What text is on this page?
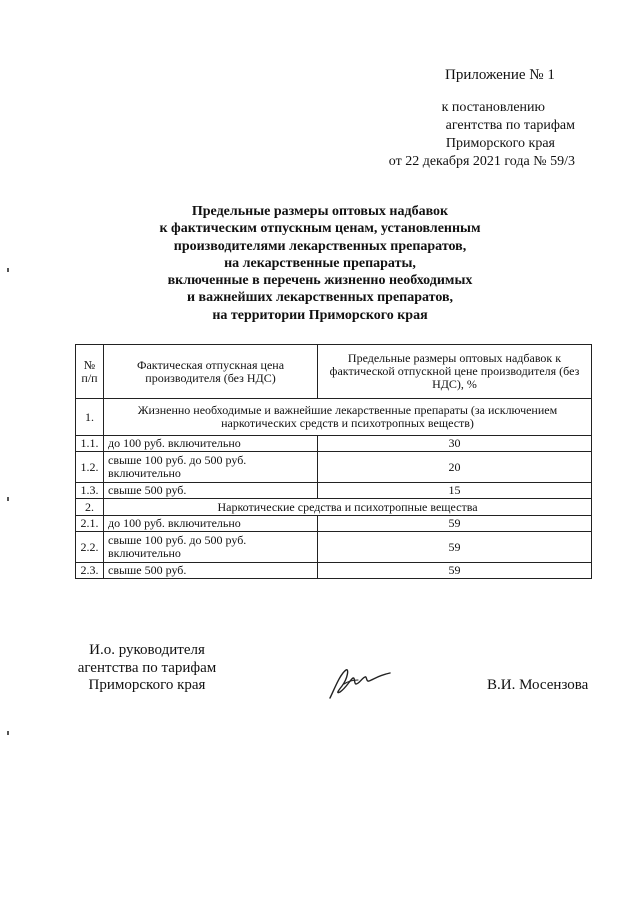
Приложение № 1
к постановлению
агентства по тарифам
Приморского края
от 22 декабря 2021 года № 59/3
Предельные размеры оптовых надбавок
к фактическим отпускным ценам, установленным
производителями лекарственных препаратов,
на лекарственные препараты,
включенные в перечень жизненно необходимых
и важнейших лекарственных препаратов,
на территории Приморского края
№ п/п	Фактическая отпускная цена производителя (без НДС)	Предельные размеры оптовых надбавок к фактической отпускной цене производителя (без НДС), %
1.	Жизненно необходимые и важнейшие лекарственные препараты (за исключением наркотических средств и психотропных веществ)	
1.1.	до 100 руб. включительно	30
1.2.	свыше 100 руб. до 500 руб. включительно	20
1.3.	свыше 500 руб.	15
2.	Наркотические средства и психотропные вещества	
2.1.	до 100 руб. включительно	59
2.2.	свыше 100 руб. до 500 руб. включительно	59
2.3.	свыше 500 руб.	59
И.о. руководителя
агентства по тарифам
Приморского края	В.И. Мосензова
